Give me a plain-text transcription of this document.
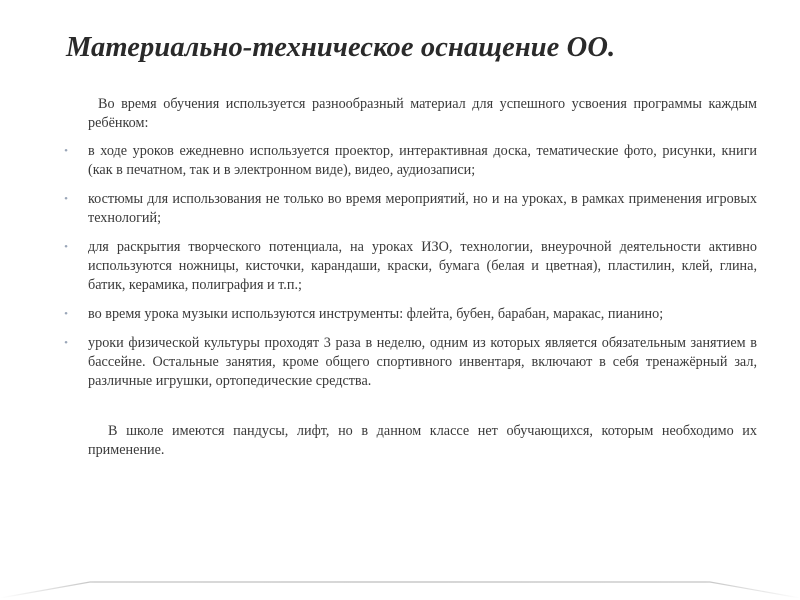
Материально-техническое оснащение ОО.

Во время обучения используется разнообразный материал для успешного усвоения программы каждым ребёнком:

• в ходе уроков ежедневно используется проектор, интерактивная доска, тематические фото, рисунки, книги (как в печатном, так и в электронном виде), видео, аудиозаписи;
• костюмы для использования не только во время мероприятий, но и на уроках, в рамках применения игровых технологий;
• для раскрытия творческого потенциала, на уроках ИЗО, технологии, внеурочной деятельности активно используются ножницы, кисточки, карандаши, краски, бумага (белая и цветная), пластилин, клей, глина, батик, керамика, полиграфия и т.п.;
• во время урока музыки используются инструменты: флейта, бубен, барабан, маракас, пианино;
• уроки физической культуры проходят 3 раза в неделю, одним из которых является обязательным занятием в бассейне. Остальные занятия, кроме общего спортивного инвентаря, включают в себя тренажёрный зал, различные игрушки, ортопедические средства.

В школе имеются пандусы, лифт, но в данном классе нет обучающихся, которым необходимо их применение.
